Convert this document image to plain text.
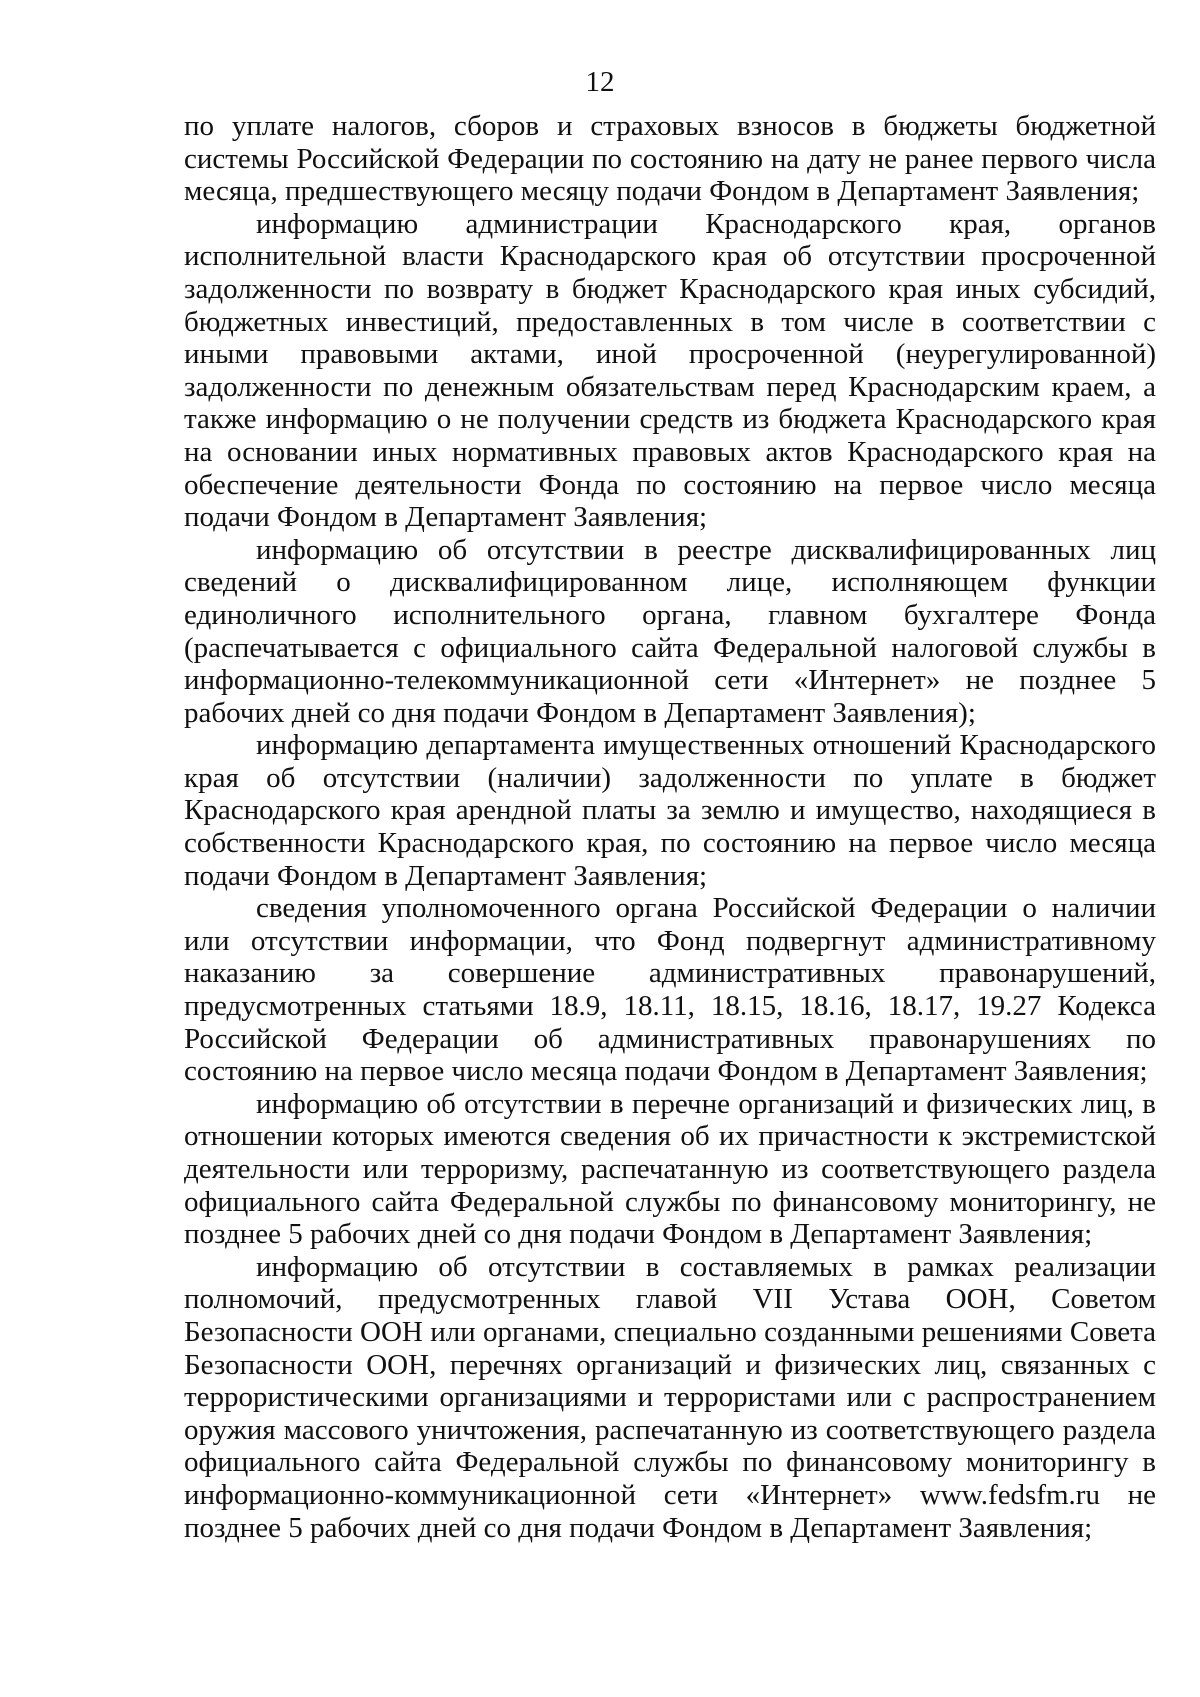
12

по уплате налогов, сборов и страховых взносов в бюджеты бюджетной системы Российской Федерации по состоянию на дату не ранее первого числа месяца, предшествующего месяцу подачи Фондом в Департамент Заявления;

информацию администрации Краснодарского края, органов исполнительной власти Краснодарского края об отсутствии просроченной задолженности по возврату в бюджет Краснодарского края иных субсидий, бюджетных инвестиций, предоставленных в том числе в соответствии с иными правовыми актами, иной просроченной (неурегулированной) задолженности по денежным обязательствам перед Краснодарским краем, а также информацию о не получении средств из бюджета Краснодарского края на основании иных нормативных правовых актов Краснодарского края на обеспечение деятельности Фонда по состоянию на первое число месяца подачи Фондом в Департамент Заявления;

информацию об отсутствии в реестре дисквалифицированных лиц сведений о дисквалифицированном лице, исполняющем функции единоличного исполнительного органа, главном бухгалтере Фонда (распечатывается с официального сайта Федеральной налоговой службы в информационно-телекоммуникационной сети «Интернет» не позднее 5 рабочих дней со дня подачи Фондом в Департамент Заявления);

информацию департамента имущественных отношений Краснодарского края об отсутствии (наличии) задолженности по уплате в бюджет Краснодарского края арендной платы за землю и имущество, находящиеся в собственности Краснодарского края, по состоянию на первое число месяца подачи Фондом в Департамент Заявления;

сведения уполномоченного органа Российской Федерации о наличии или отсутствии информации, что Фонд подвергнут административному наказанию за совершение административных правонарушений, предусмотренных статьями 18.9, 18.11, 18.15, 18.16, 18.17, 19.27 Кодекса Российской Федерации об административных правонарушениях по состоянию на первое число месяца подачи Фондом в Департамент Заявления;

информацию об отсутствии в перечне организаций и физических лиц, в отношении которых имеются сведения об их причастности к экстремистской деятельности или терроризму, распечатанную из соответствующего раздела официального сайта Федеральной службы по финансовому мониторингу, не позднее 5 рабочих дней со дня подачи Фондом в Департамент Заявления;

информацию об отсутствии в составляемых в рамках реализации полномочий, предусмотренных главой VII Устава ООН, Советом Безопасности ООН или органами, специально созданными решениями Совета Безопасности ООН, перечнях организаций и физических лиц, связанных с террористическими организациями и террористами или с распространением оружия массового уничтожения, распечатанную из соответствующего раздела официального сайта Федеральной службы по финансовому мониторингу в информационно-коммуникационной сети «Интернет» www.fedsfm.ru не позднее 5 рабочих дней со дня подачи Фондом в Департамент Заявления;
